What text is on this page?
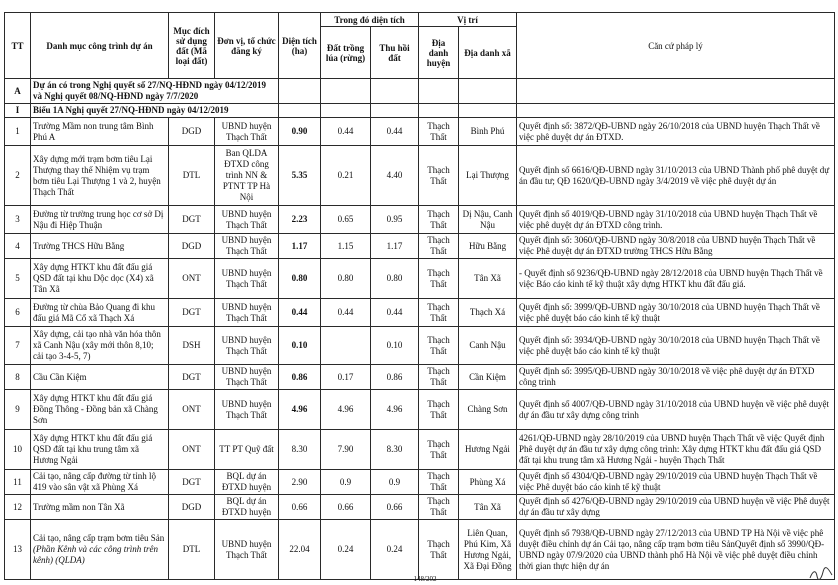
TT	Danh mục công trình dự án	Mục đích sử dụng đất (Mã loại đất)	Đơn vị, tổ chức đăng ký	Diện tích (ha)	Trong đó diện tích		Vị trí		Căn cứ pháp lý
					Đất trồng lúa (rừng)	Thu hồi đất	Địa danh huyện	Địa danh xã	
A	Dự án có trong Nghị quyết số 27/NQ-HĐND ngày 04/12/2019 và Nghị quyết 08/NQ-HĐND ngày 7/7/2020								
I	Biểu 1A Nghị quyết 27/NQ-HĐND ngày 04/12/2019								
1	Trường Mầm non trung tâm Bình Phú A	DGD	UBND huyện Thạch Thất	0.90	0.44	0.44	Thạch Thất	Bình Phú	Quyết định số: 3872/QĐ-UBND ngày 26/10/2018 của UBND huyện Thạch Thất về việc phê duyệt dự án ĐTXD.
2	Xây dựng mới trạm bơm tiêu Lại Thượng thay thế Nhiệm vụ trạm bơm tiêu Lại Thượng 1 và 2, huyện Thạch Thất	DTL	Ban QLDA ĐTXD công trình NN & PTNT TP Hà Nội	5.35	0.21	4.40	Thạch Thất	Lại Thượng	Quyết định số 6616/QĐ-UBND ngày 31/10/2013 của UBND Thành phố phê duyệt dự án đầu tư; QĐ 1620/QĐ-UBND ngày 3/4/2019 về việc phê duyệt dự án
3	Đường từ trường trung học cơ sở Dị Nậu đi Hiệp Thuận	DGT	UBND huyện Thạch Thất	2.23	0.65	0.95	Thạch Thất	Dị Nậu, Canh Nậu	Quyết định số 4019/QĐ-UBND ngày 31/10/2018 của UBND huyện Thạch Thất về việc phê duyệt dự án ĐTXD công trình.
4	Trường THCS Hữu Bằng	DGD	UBND huyện Thạch Thất	1.17	1.15	1.17	Thạch Thất	Hữu Bằng	Quyết định số: 3060/QĐ-UBND ngày 30/8/2018 của UBND huyện Thạch Thất về việc Phê duyệt dự án ĐTXD trường THCS Hữu Bằng
5	Xây dựng HTKT khu đất đấu giá QSD đất tại khu Dộc dọc (X4) xã Tân Xã	ONT	UBND huyện Thạch Thất	0.80	0.80	0.80	Thạch Thất	Tân Xã	- Quyết định số 9236/QĐ-UBND ngày 28/12/2018 của UBND huyện Thạch Thất về việc Báo cáo kinh tế kỹ thuật xây dựng HTKT khu đất đấu giá.
6	Đường từ chùa Bảo Quang đi khu đấu giá Mã Cổ xã Thạch Xá	DGT	UBND huyện Thạch Thất	0.44	0.44	0.44	Thạch Thất	Thạch Xá	Quyết định số: 3999/QĐ-UBND ngày 30/10/2018 của UBND huyện Thạch Thất về việc phê duyệt báo cáo kinh tế kỹ thuật
7	Xây dựng, cải tạo nhà văn hóa thôn xã Canh Nậu (xây mới thôn 8,10; cải tạo 3-4-5, 7)	DSH	UBND huyện Thạch Thất	0.10		0.10	Thạch Thất	Canh Nậu	Quyết định số: 3934/QĐ-UBND ngày 30/10/2018 của UBND huyện Thạch Thất về việc phê duyệt báo cáo kinh tế kỹ thuật
8	Cầu Cần Kiệm	DGT	UBND huyện Thạch Thất	0.86	0.17	0.86	Thạch Thất	Cần Kiệm	Quyết định số: 3995/QĐ-UBND ngày 30/10/2018 về việc phê duyệt dự án ĐTXD công trình
9	Xây dựng HTKT khu đất đấu giá Đồng Thông - Đồng bản xã Chàng Sơn	ONT	UBND huyện Thạch Thất	4.96	4.96	4.96	Thạch Thất	Chàng Sơn	Quyết định số 4007/QĐ-UBND ngày 31/10/2018 của UBND huyện về việc phê duyệt dự án đầu tư xây dựng công trình
10	Xây dựng HTKT khu đất đấu giá QSD đất tại khu trung tâm xã Hương Ngải	ONT	TT PT Quỹ đất	8.30	7.90	8.30	Thạch Thất	Hương Ngải	4261/QĐ-UBND ngày 28/10/2019 của UBND huyện Thạch Thất về việc Quyết định Phê duyệt dự án đầu tư xây dựng công trình: Xây dựng HTKT khu đất đấu giá QSD đất tại khu trung tâm xã Hương Ngải - huyện Thạch Thất
11	Cải tạo, nâng cấp đường từ tỉnh lộ 419 vào sân vật xã Phùng Xá	DGT	BQL dự án ĐTXD huyện	2.90	0.9	0.9	Thạch Thất	Phùng Xá	Quyết định số 4304/QĐ-UBND ngày 29/10/2019 của UBND huyện Thạch Thất về việc Phê duyệt báo cáo kinh tế kỹ thuật
12	Trường mầm non Tân Xã	DGD	BQL dự án ĐTXD huyện	0.66	0.66	0.66	Thạch Thất	Tân Xã	Quyết định số 4276/QĐ-UBND ngày 29/10/2019 của UBND huyện về việc Phê duyệt dự án đầu tư xây dựng
13	Cải tạo, nâng cấp trạm bơm tiêu Sản (Phần Kênh và các công trình trên kênh) (QLDA)	DTL	UBND huyện Thạch Thất	22.04	0.24	0.24	Thạch Thất	Liên Quan, Phú Kim, Xã Hương Ngải, Xã Đại Đồng	Quyết định số 7938/QĐ-UBND ngày 27/12/2013 của UBND TP Hà Nội về việc phê duyệt điều chỉnh dự án Cải tạo, nâng cấp trạm bơm tiêu SảnQuyết định số 3990/QĐ-UBND ngày 07/9/2020 của UBND thành phố Hà Nội về việc phê duyệt điều chỉnh thời gian thực hiện dự án
148/202
